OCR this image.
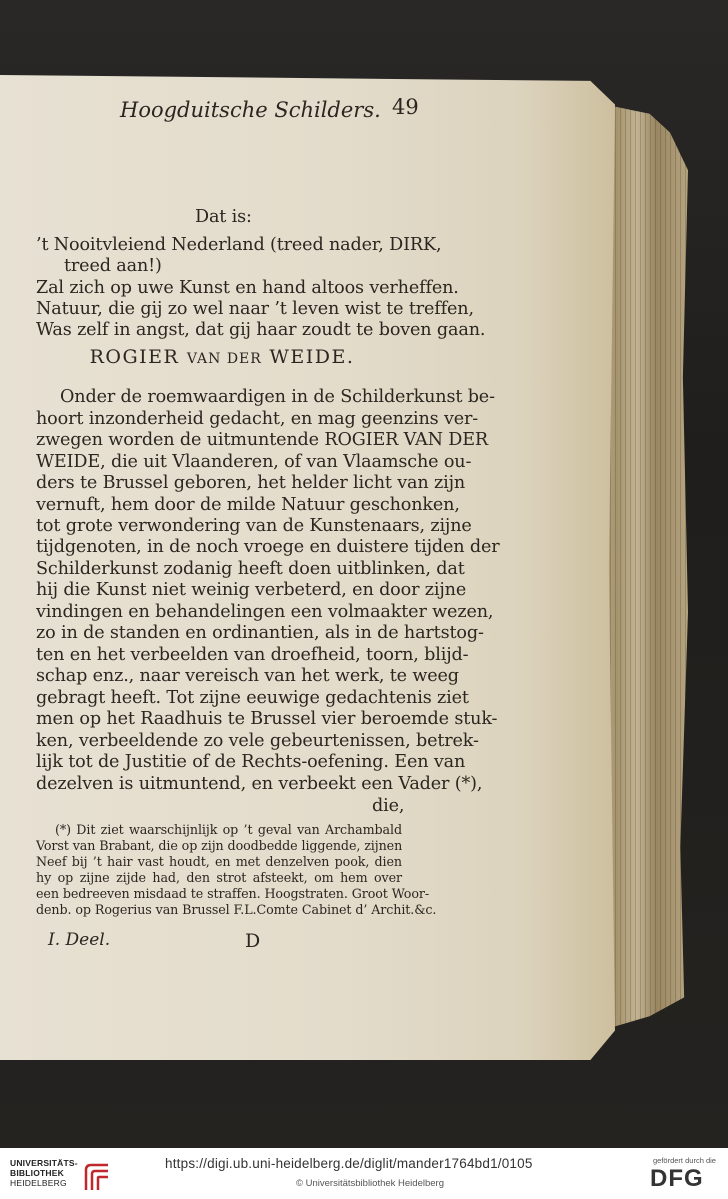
Hoogduitsche Schilders. 49
Dat is:
’t Nooitvleiend Nederland (treed nader, DIRK,
treed aan!)
Zal zich op uwe Kunst en hand altoos verheffen.
Natuur, die gij zo wel naar ’t leven wist te treffen,
Was zelf in angst, dat gij haar zoudt te boven gaan.
ROGIER VAN DER WEIDE.
Onder de roemwaardigen in de Schilderkunst be-
hoort inzonderheid gedacht, en mag geenzins ver-
zwegen worden de uitmuntende ROGIER VAN DER
WEIDE, die uit Vlaanderen, of van Vlaamsche ou-
ders te Brussel geboren, het helder licht van zijn
vernuft, hem door de milde Natuur geschonken,
tot grote verwondering van de Kunstenaars, zijne
tijdgenoten, in de noch vroege en duistere tijden der
Schilderkunst zodanig heeft doen uitblinken, dat
hij die Kunst niet weinig verbeterd, en door zijne
vindingen en behandelingen een volmaakter wezen,
zo in de standen en ordinantien, als in de hartstog-
ten en het verbeelden van droefheid, toorn, blijd-
schap enz., naar vereisch van het werk, te weeg
gebragt heeft. Tot zijne eeuwige gedachtenis ziet
men op het Raadhuis te Brussel vier beroemde stuk-
ken, verbeeldende zo vele gebeurtenissen, betrek-
lijk tot de Justitie of de Rechts-oefening. Een van
dezelven is uitmuntend, en verbeekt een Vader (*),
die,
(*) Dit ziet waarschijnlijk op ’t geval van Archambald
Vorst van Brabant, die op zijn doodbedde liggende, zijnen
Neef bij ’t hair vast houdt, en met denzelven pook, dien
hy op zijne zijde had, den strot afsteekt, om hem over
een bedreeven misdaad te straffen. Hoogstraten. Groot Woor-
denb. op Rogerius van Brussel F.L.Comte Cabinet d’ Archit.&c.
I. Deel.	D
UNIVERSITÄTS-
BIBLIOTHEK
HEIDELBERG
https://digi.ub.uni-heidelberg.de/diglit/mander1764bd1/0105
© Universitätsbibliothek Heidelberg
gefördert durch die
DFG
